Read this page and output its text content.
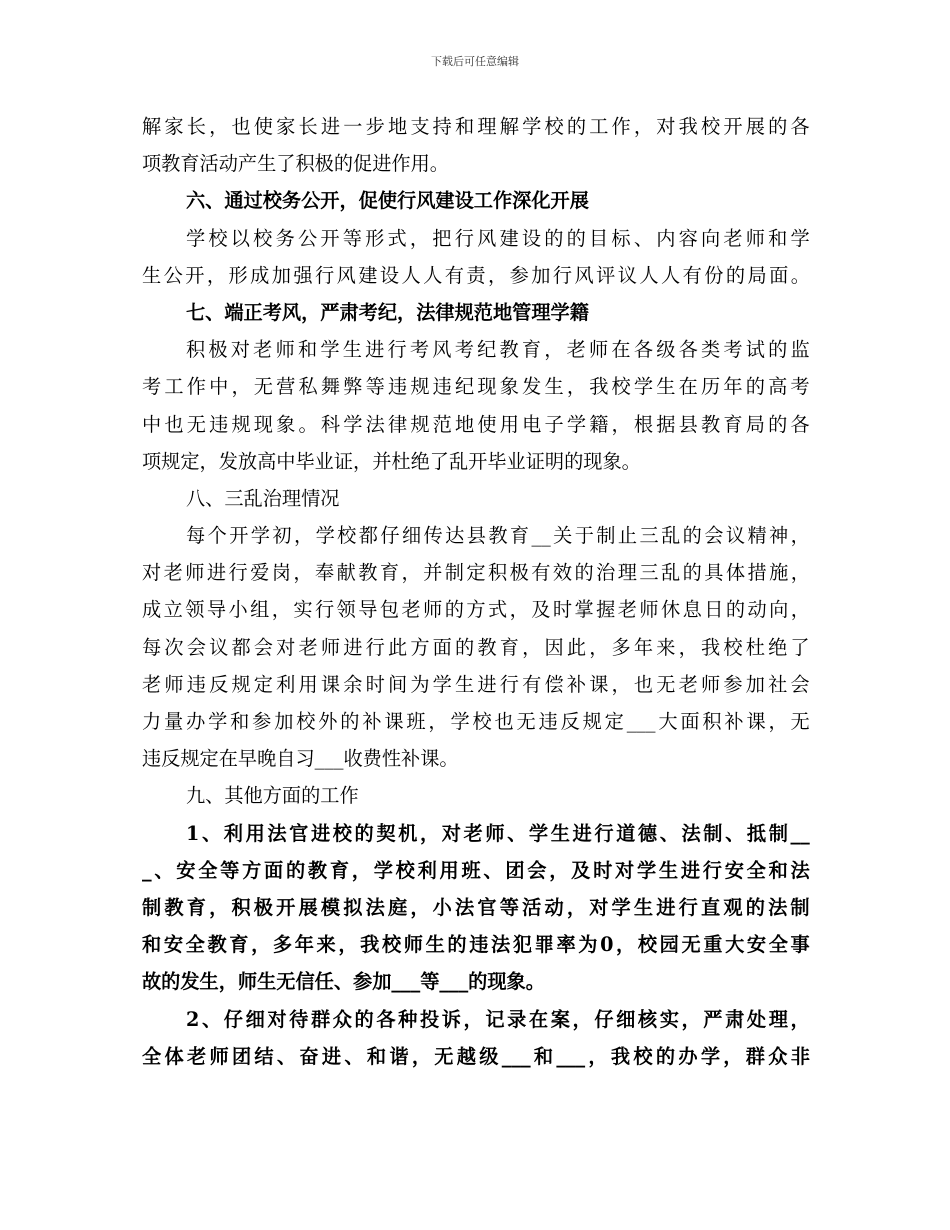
下载后可任意编辑
解 家 长 ， 也 使 家 长 进 一 步 地 支 持 和 理 解 学 校 的 工 作 ， 对 我 校 开 展 的 各
项教育活动产生了积极的促进作用。
六、通过校务公开，促使行风建设工作深化开展
学 校 以 校 务 公 开 等 形 式 ， 把 行 风 建 设 的 的 目 标 、 内 容 向 老 师 和 学
生 公 开 ， 形 成 加 强 行 风 建 设 人 人 有 责 ， 参 加 行 风 评 议 人 人 有 份 的 局 面 。
七、端正考风，严肃考纪，法律规范地管理学籍
积 极 对 老 师 和 学 生 进 行 考 风 考 纪 教 育 ， 老 师 在 各 级 各 类 考 试 的 监
考 工 作 中 ， 无 营 私 舞 弊 等 违 规 违 纪 现 象 发 生 ， 我 校 学 生 在 历 年 的 高 考
中 也 无 违 规 现 象 。 科 学 法 律 规 范 地 使 用 电 子 学 籍 ， 根 据 县 教 育 局 的 各
项规定，发放高中毕业证，并杜绝了乱开毕业证明的现象。
八、三乱治理情况
每 个 开 学 初 ， 学 校 都 仔 细 传 达 县 教 育 __ 关 于 制 止 三 乱 的 会 议 精 神 ，
对 老 师 进 行 爱 岗 ， 奉 献 教 育 ， 并 制 定 积 极 有 效 的 治 理 三 乱 的 具 体 措 施 ，
成 立 领 导 小 组 ， 实 行 领 导 包 老 师 的 方 式 ， 及 时 掌 握 老 师 休 息 日 的 动 向 ，
每 次 会 议 都 会 对 老 师 进 行 此 方 面 的 教 育 ， 因 此 ， 多 年 来 ， 我 校 杜 绝 了
老 师 违 反 规 定 利 用 课 余 时 间 为 学 生 进 行 有 偿 补 课 ， 也 无 老 师 参 加 社 会
力 量 办 学 和 参 加 校 外 的 补 课 班 ， 学 校 也 无 违 反 规 定 ___ 大 面 积 补 课 ， 无
违反规定在早晚自习___收费性补课。
九、其他方面的工作
1 、 利 用 法 官 进 校 的 契 机 ， 对 老 师 、 学 生 进 行 道 德 、 法 制 、 抵 制 __
_ 、 安 全 等 方 面 的 教 育 ， 学 校 利 用 班 、 团 会 ， 及 时 对 学 生 进 行 安 全 和 法
制 教 育 ， 积 极 开 展 模 拟 法 庭 ， 小 法 官 等 活 动 ， 对 学 生 进 行 直 观 的 法 制
和 安 全 教 育 ， 多 年 来 ， 我 校 师 生 的 违 法 犯 罪 率 为 0 ， 校 园 无 重 大 安 全 事
故的发生，师生无信任、参加___等___的现象。
2 、 仔 细 对 待 群 众 的 各 种 投 诉 ， 记 录 在 案 ， 仔 细 核 实 ， 严 肃 处 理 ，
全 体 老 师 团 结 、 奋 进 、 和 谐 ， 无 越 级 ___ 和 ___ ， 我 校 的 办 学 ， 群 众 非
